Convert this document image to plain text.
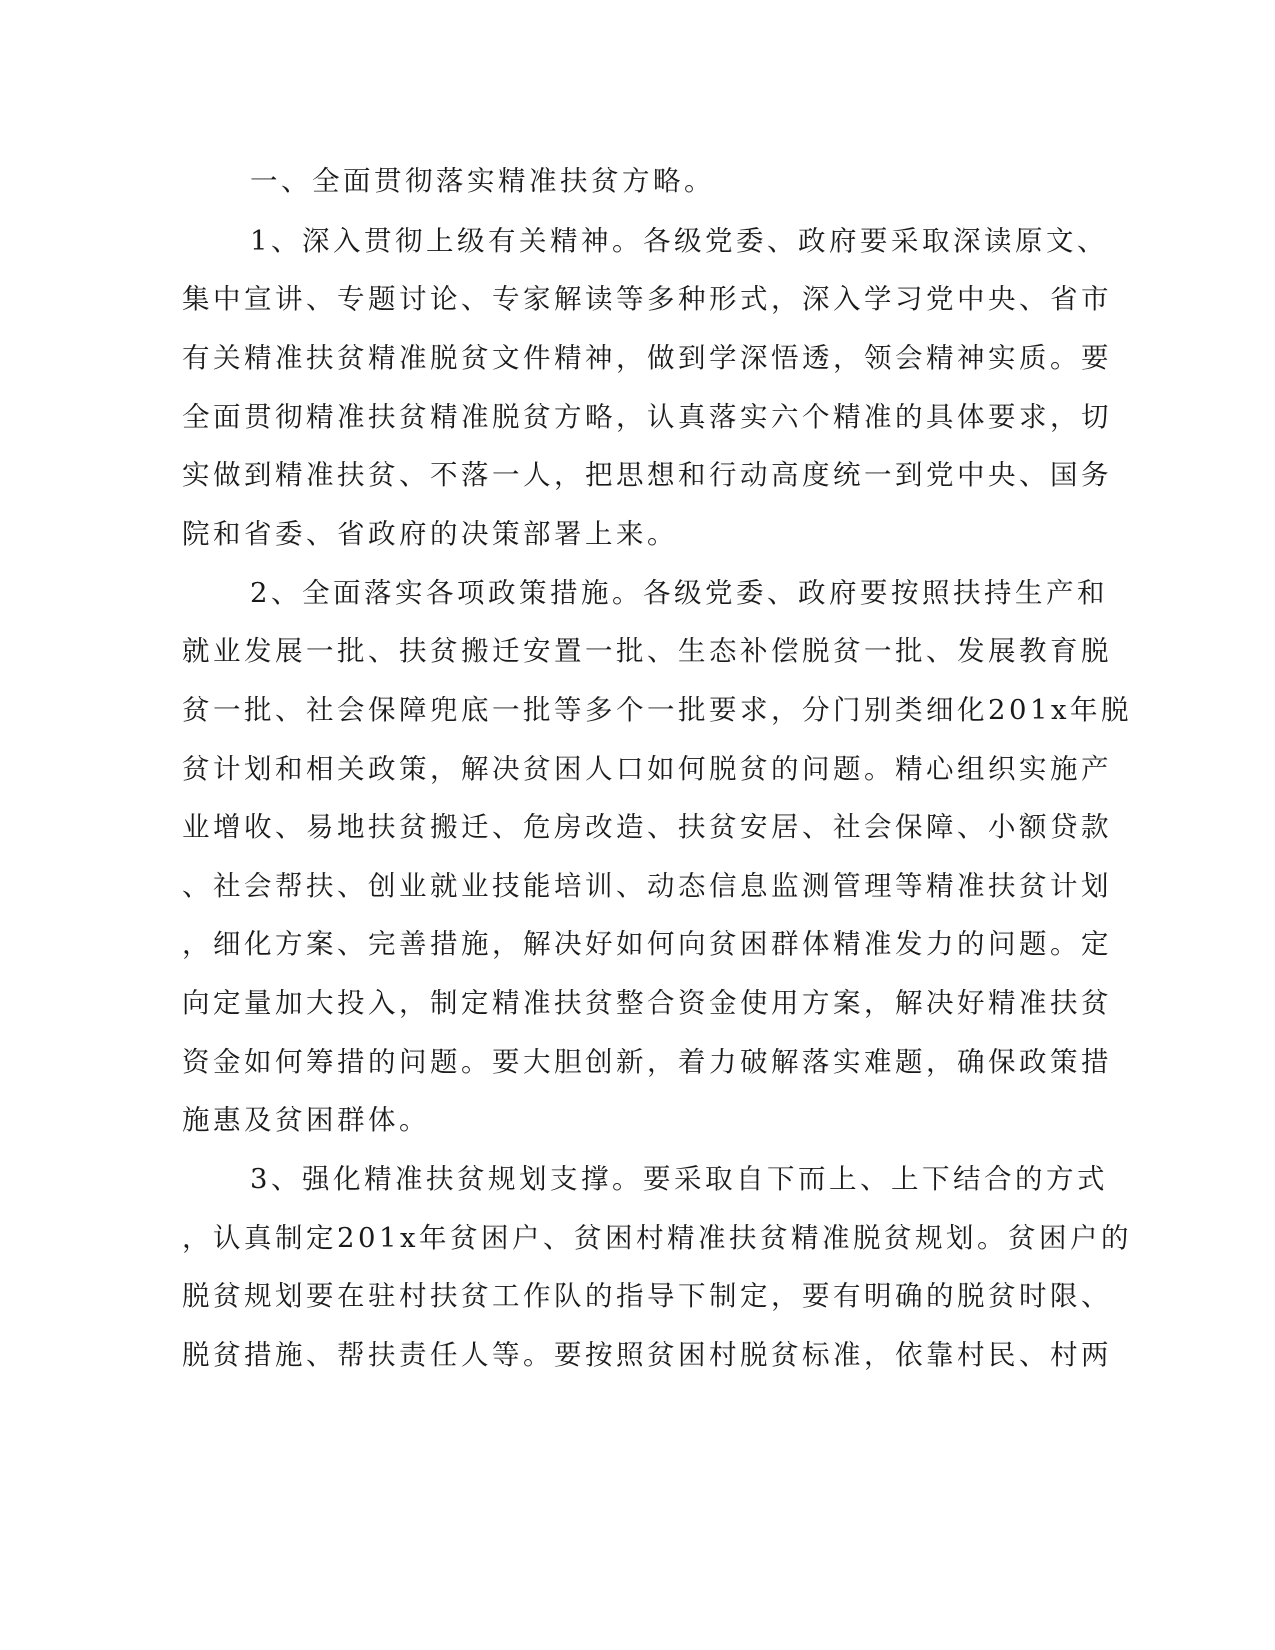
一、全面贯彻落实精准扶贫方略。
1、深入贯彻上级有关精神。各级党委、政府要采取深读原文、
集中宣讲、专题讨论、专家解读等多种形式，深入学习党中央、省市
有关精准扶贫精准脱贫文件精神，做到学深悟透，领会精神实质。要
全面贯彻精准扶贫精准脱贫方略，认真落实六个精准的具体要求，切
实做到精准扶贫、不落一人，把思想和行动高度统一到党中央、国务
院和省委、省政府的决策部署上来。
2、全面落实各项政策措施。各级党委、政府要按照扶持生产和
就业发展一批、扶贫搬迁安置一批、生态补偿脱贫一批、发展教育脱
贫一批、社会保障兜底一批等多个一批要求，分门别类细化201x年脱
贫计划和相关政策，解决贫困人口如何脱贫的问题。精心组织实施产
业增收、易地扶贫搬迁、危房改造、扶贫安居、社会保障、小额贷款
、社会帮扶、创业就业技能培训、动态信息监测管理等精准扶贫计划
，细化方案、完善措施，解决好如何向贫困群体精准发力的问题。定
向定量加大投入，制定精准扶贫整合资金使用方案，解决好精准扶贫
资金如何筹措的问题。要大胆创新，着力破解落实难题，确保政策措
施惠及贫困群体。
3、强化精准扶贫规划支撑。要采取自下而上、上下结合的方式
，认真制定201x年贫困户、贫困村精准扶贫精准脱贫规划。贫困户的
脱贫规划要在驻村扶贫工作队的指导下制定，要有明确的脱贫时限、
脱贫措施、帮扶责任人等。要按照贫困村脱贫标准，依靠村民、村两
